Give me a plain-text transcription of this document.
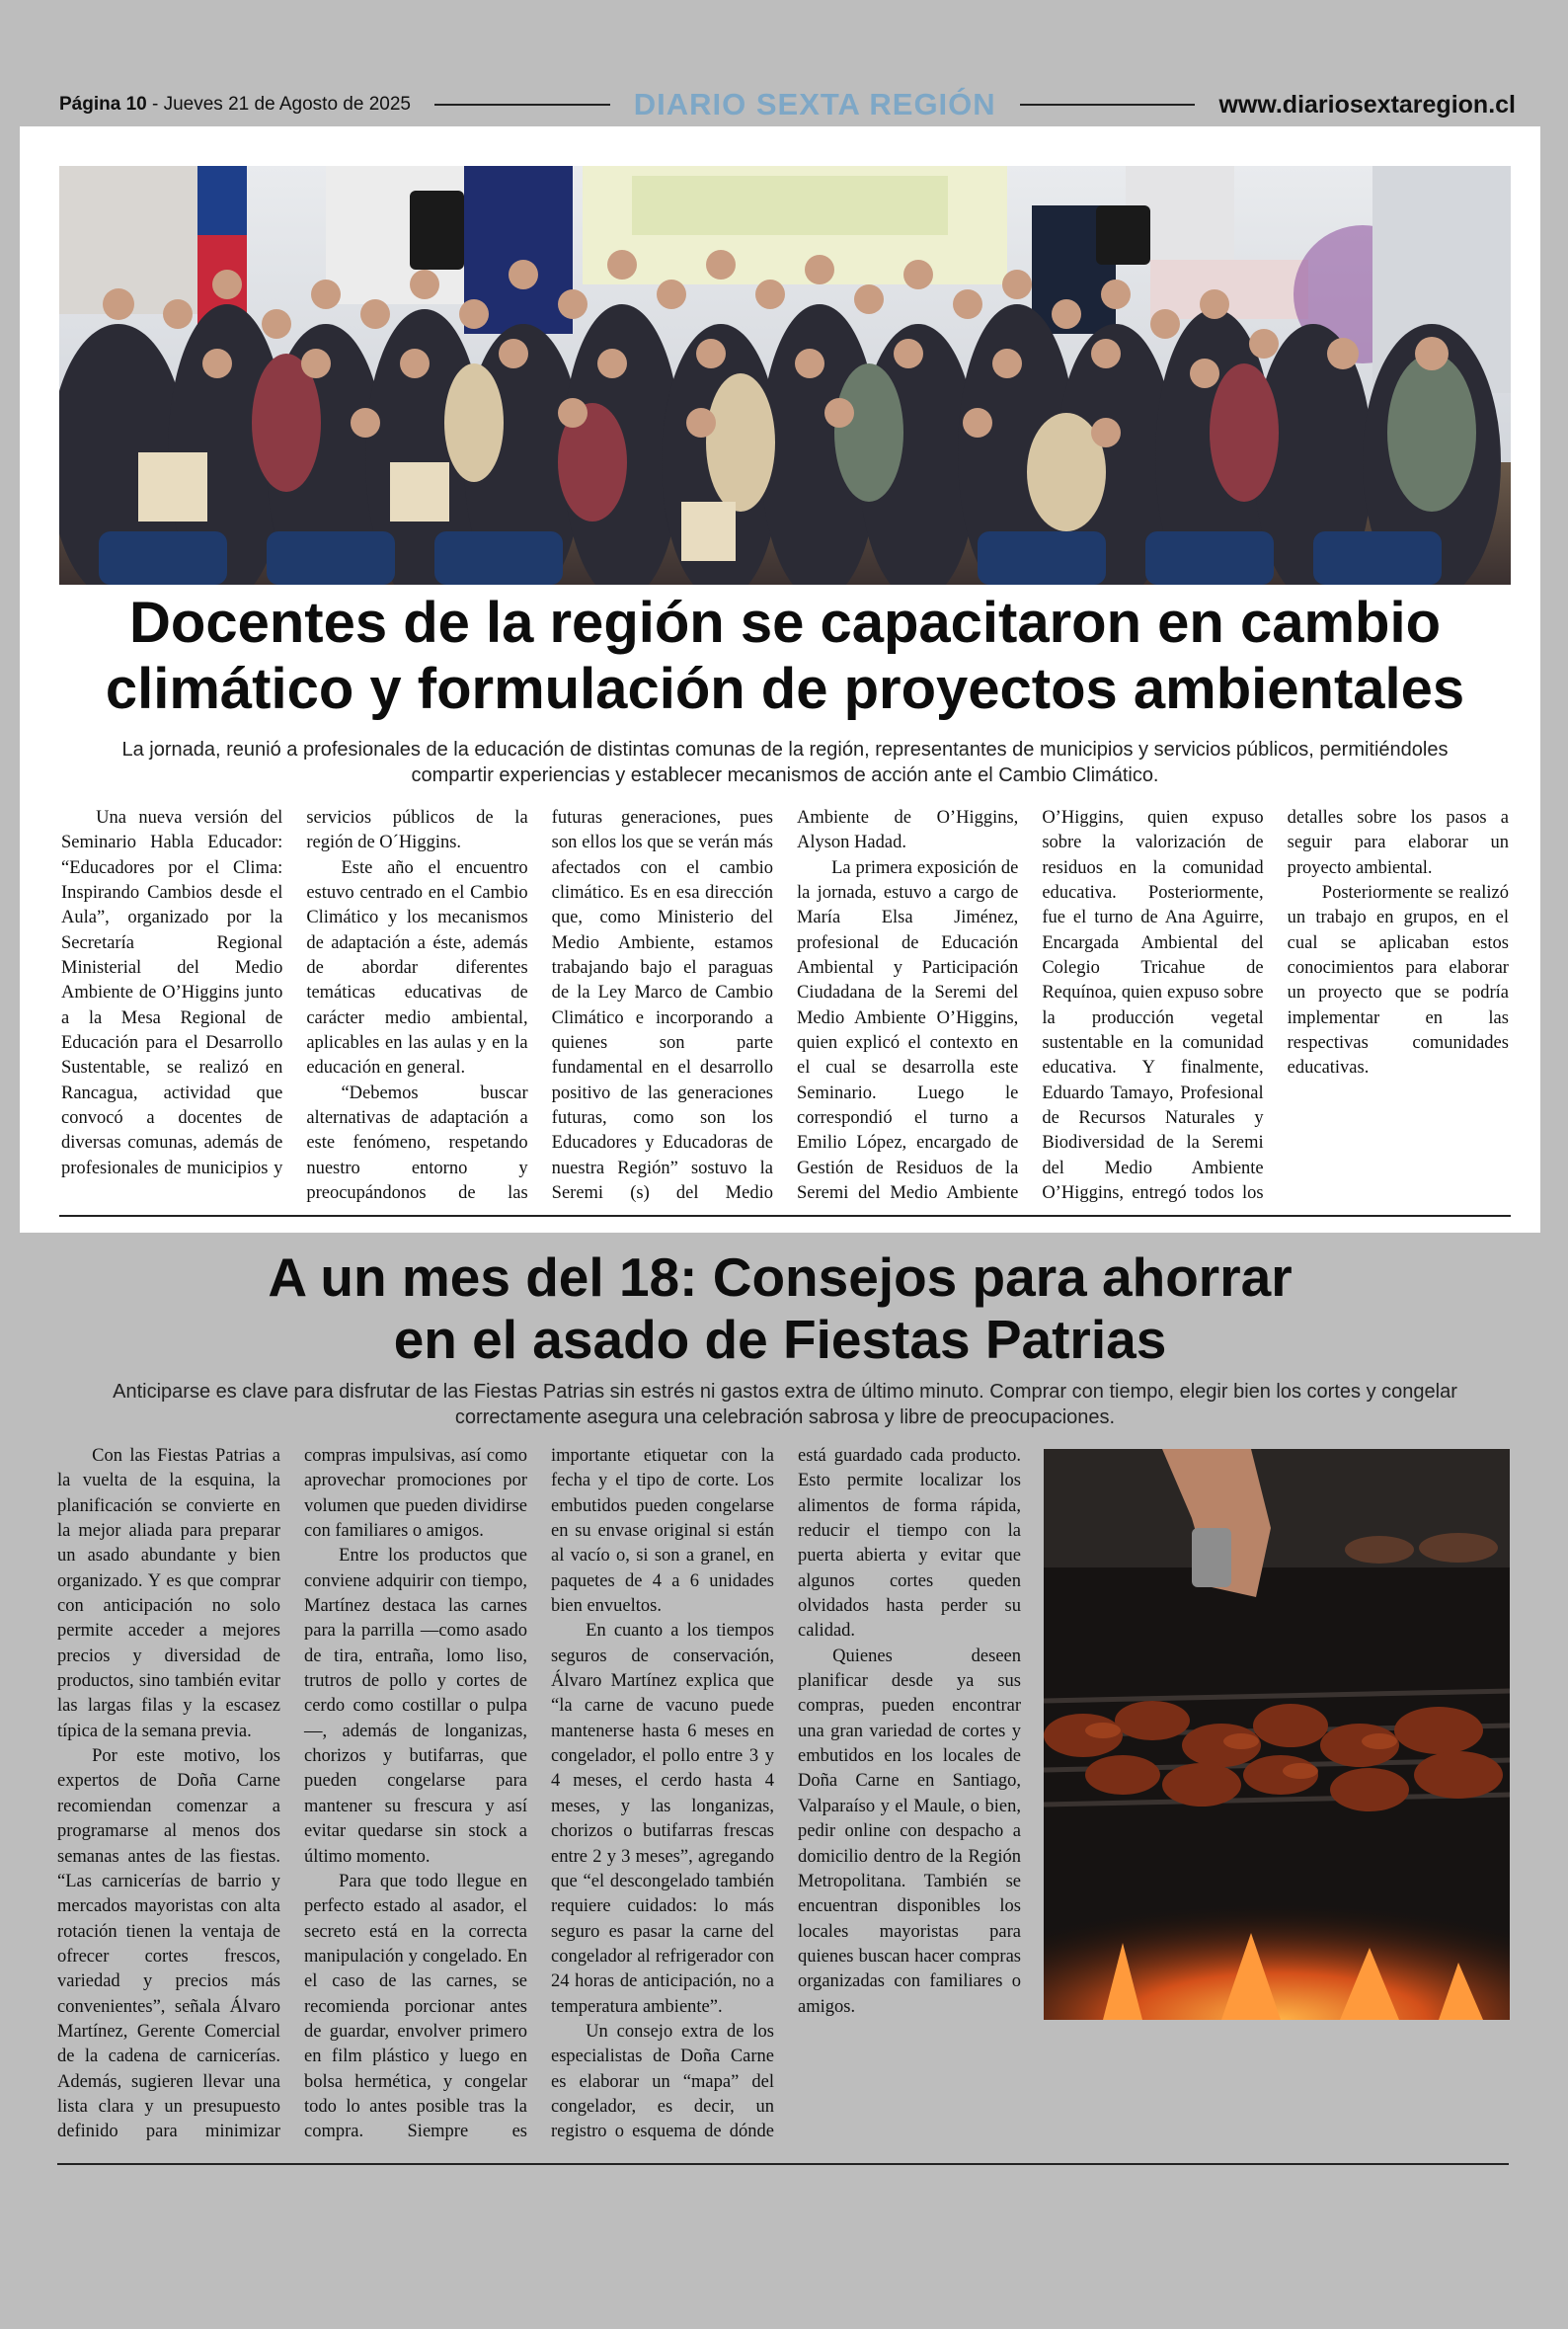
Página 10 - Jueves 21 de Agosto de 2025	DIARIO SEXTA REGIÓN	www.diariosextaregion.cl
Docentes de la región se capacitaron en cambio
climático y formulación de proyectos ambientales
La jornada, reunió a profesionales de la educación de distintas comunas de la región, representantes de municipios y servicios públicos, permitiéndoles compartir experiencias y establecer mecanismos de acción ante el Cambio Climático.

Una nueva versión del Seminario Habla Educador: “Educadores por el Clima: Inspirando Cambios desde el Aula”, organizado por la Secretaría Regional Ministerial del Medio Ambiente de O’Higgins junto a la Mesa Regional de Educación para el Desarrollo Sustentable, se realizó en Rancagua, actividad que convocó a docentes de diversas comunas, además de profesionales de municipios y servicios públicos de la región de O´Higgins.

Este año el encuentro estuvo centrado en el Cambio Climático y los mecanismos de adaptación a éste, además de abordar diferentes temáticas educativas de carácter medio ambiental, aplicables en las aulas y en la educación en general.

“Debemos buscar alternativas de adaptación a este fenómeno, respetando nuestro entorno y preocupándonos de las futuras generaciones, pues son ellos los que se verán más afectados con el cambio climático. Es en esa dirección que, como Ministerio del Medio Ambiente, estamos trabajando bajo el paraguas de la Ley Marco de Cambio Climático e incorporando a quienes son parte fundamental en el desarrollo positivo de las generaciones futuras, como son los Educadores y Educadoras de nuestra Región” sostuvo la Seremi (s) del Medio Ambiente de O’Higgins, Alyson Hadad.

La primera exposición de la jornada, estuvo a cargo de María Elsa Jiménez, profesional de Educación Ambiental y Participación Ciudadana de la Seremi del Medio Ambiente O’Higgins, quien explicó el contexto en el cual se desarrolla este Seminario. Luego le correspondió el turno a Emilio López, encargado de Gestión de Residuos de la Seremi del Medio Ambiente O’Higgins, quien expuso sobre la valorización de residuos en la comunidad educativa. Posteriormente, fue el turno de Ana Aguirre, Encargada Ambiental del Colegio Tricahue de Requínoa, quien expuso sobre la producción vegetal sustentable en la comunidad educativa. Y finalmente, Eduardo Tamayo, Profesional de Recursos Naturales y Biodiversidad de la Seremi del Medio Ambiente O’Higgins, entregó todos los detalles sobre los pasos a seguir para elaborar un proyecto ambiental.

Posteriormente se realizó un trabajo en grupos, en el cual se aplicaban estos conocimientos para elaborar un proyecto que se podría implementar en las respectivas comunidades educativas.

A un mes del 18: Consejos para ahorrar
en el asado de Fiestas Patrias
Anticiparse es clave para disfrutar de las Fiestas Patrias sin estrés ni gastos extra de último minuto. Comprar con tiempo, elegir bien los cortes y congelar correctamente asegura una celebración sabrosa y libre de preocupaciones.

Con las Fiestas Patrias a la vuelta de la esquina, la planificación se convierte en la mejor aliada para preparar un asado abundante y bien organizado. Y es que comprar con anticipación no solo permite acceder a mejores precios y diversidad de productos, sino también evitar las largas filas y la escasez típica de la semana previa.

Por este motivo, los expertos de Doña Carne recomiendan comenzar a programarse al menos dos semanas antes de las fiestas. “Las carnicerías de barrio y mercados mayoristas con alta rotación tienen la ventaja de ofrecer cortes frescos, variedad y precios más convenientes”, señala Álvaro Martínez, Gerente Comercial de la cadena de carnicerías. Además, sugieren llevar una lista clara y un presupuesto definido para minimizar compras impulsivas, así como aprovechar promociones por volumen que pueden dividirse con familiares o amigos.

Entre los productos que conviene adquirir con tiempo, Martínez destaca las carnes para la parrilla —como asado de tira, entraña, lomo liso, trutros de pollo y cortes de cerdo como costillar o pulpa—, además de longanizas, chorizos y butifarras, que pueden congelarse para mantener su frescura y así evitar quedarse sin stock a último momento.

Para que todo llegue en perfecto estado al asador, el secreto está en la correcta manipulación y congelado. En el caso de las carnes, se recomienda porcionar antes de guardar, envolver primero en film plástico y luego en bolsa hermética, y congelar todo lo antes posible tras la compra. Siempre es importante etiquetar con la fecha y el tipo de corte. Los embutidos pueden congelarse en su envase original si están al vacío o, si son a granel, en paquetes de 4 a 6 unidades bien envueltos.

En cuanto a los tiempos seguros de conservación, Álvaro Martínez explica que “la carne de vacuno puede mantenerse hasta 6 meses en congelador, el pollo entre 3 y 4 meses, el cerdo hasta 4 meses, y las longanizas, chorizos o butifarras frescas entre 2 y 3 meses”, agregando que “el descongelado también requiere cuidados: lo más seguro es pasar la carne del congelador al refrigerador con 24 horas de anticipación, no a temperatura ambiente”.

Un consejo extra de los especialistas de Doña Carne es elaborar un “mapa” del congelador, es decir, un registro o esquema de dónde está guardado cada producto. Esto permite localizar los alimentos de forma rápida, reducir el tiempo con la puerta abierta y evitar que algunos cortes queden olvidados hasta perder su calidad.

Quienes deseen planificar desde ya sus compras, pueden encontrar una gran variedad de cortes y embutidos en los locales de Doña Carne en Santiago, Valparaíso y el Maule, o bien, pedir online con despacho a domicilio dentro de la Región Metropolitana. También se encuentran disponibles los locales mayoristas para quienes buscan hacer compras organizadas con familiares o amigos.
